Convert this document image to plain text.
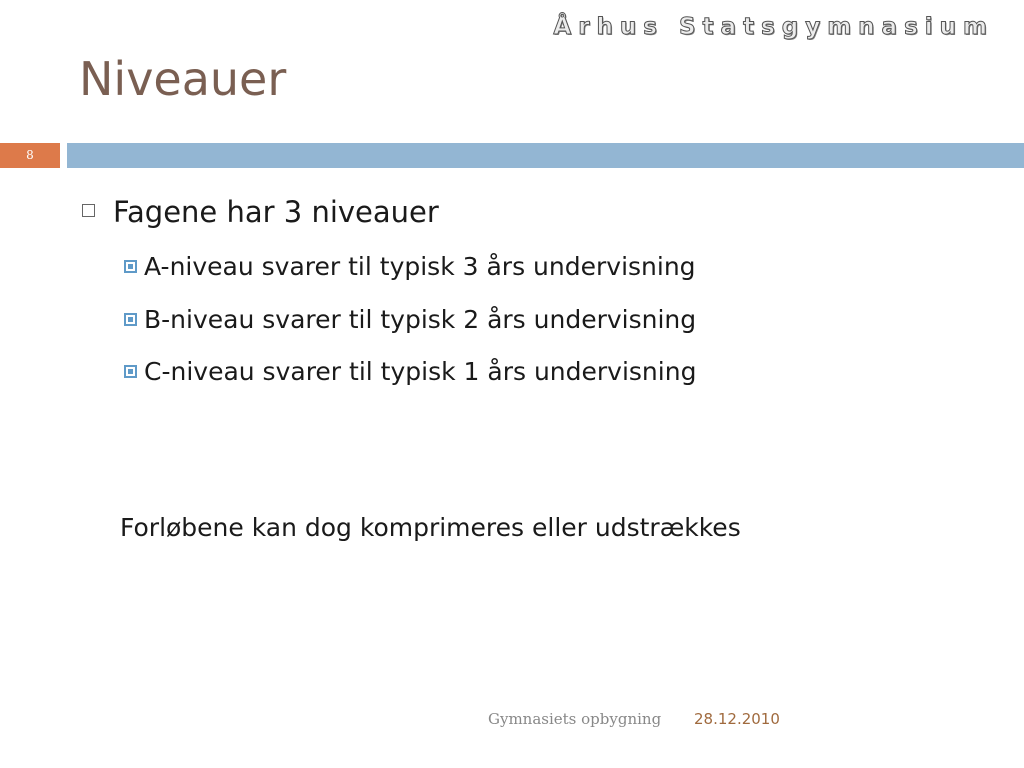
Århus Statsgymnasium
Niveauer
8
Fagene har 3 niveauer
A-niveau svarer til typisk 3 års undervisning
B-niveau svarer til typisk 2 års undervisning
C-niveau svarer til typisk 1 års undervisning
Forløbene kan dog komprimeres eller udstrækkes
Gymnasiets opbygning 28.12.2010
